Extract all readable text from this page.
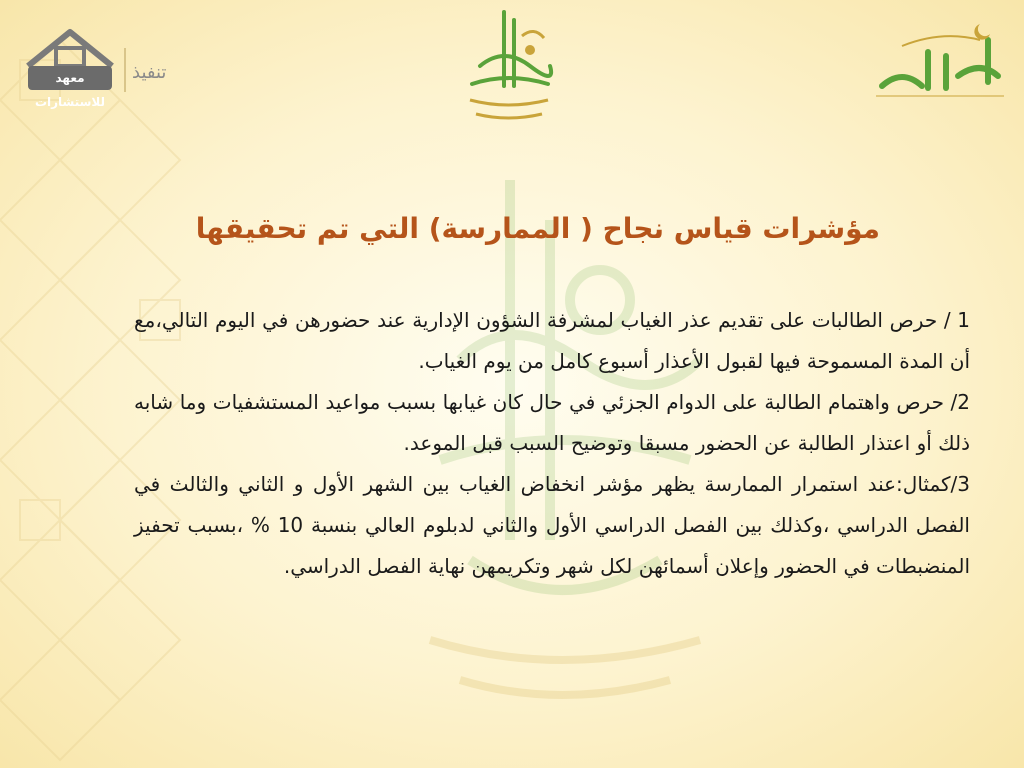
معهد للاستشارات
تنفيذ
مؤشرات قياس نجاح ( الممارسة) التي تم تحقيقها

1 / حرص الطالبات على تقديم عذر الغياب لمشرفة الشؤون الإدارية عند حضورهن في اليوم التالي،مع أن المدة المسموحة فيها لقبول الأعذار أسبوع كامل من يوم الغياب.

2/ حرص واهتمام الطالبة على الدوام الجزئي في حال كان غيابها بسبب مواعيد المستشفيات وما شابه ذلك أو اعتذار الطالبة عن الحضور مسبقا وتوضيح السبب قبل الموعد.

3/كمثال:عند استمرار الممارسة يظهر مؤشر انخفاض الغياب بين الشهر الأول و الثاني والثالث في الفصل الدراسي ،وكذلك بين الفصل الدراسي الأول والثاني لدبلوم العالي بنسبة 10 % ،بسبب تحفيز المنضبطات في الحضور وإعلان أسمائهن لكل شهر وتكريمهن نهاية الفصل الدراسي.
